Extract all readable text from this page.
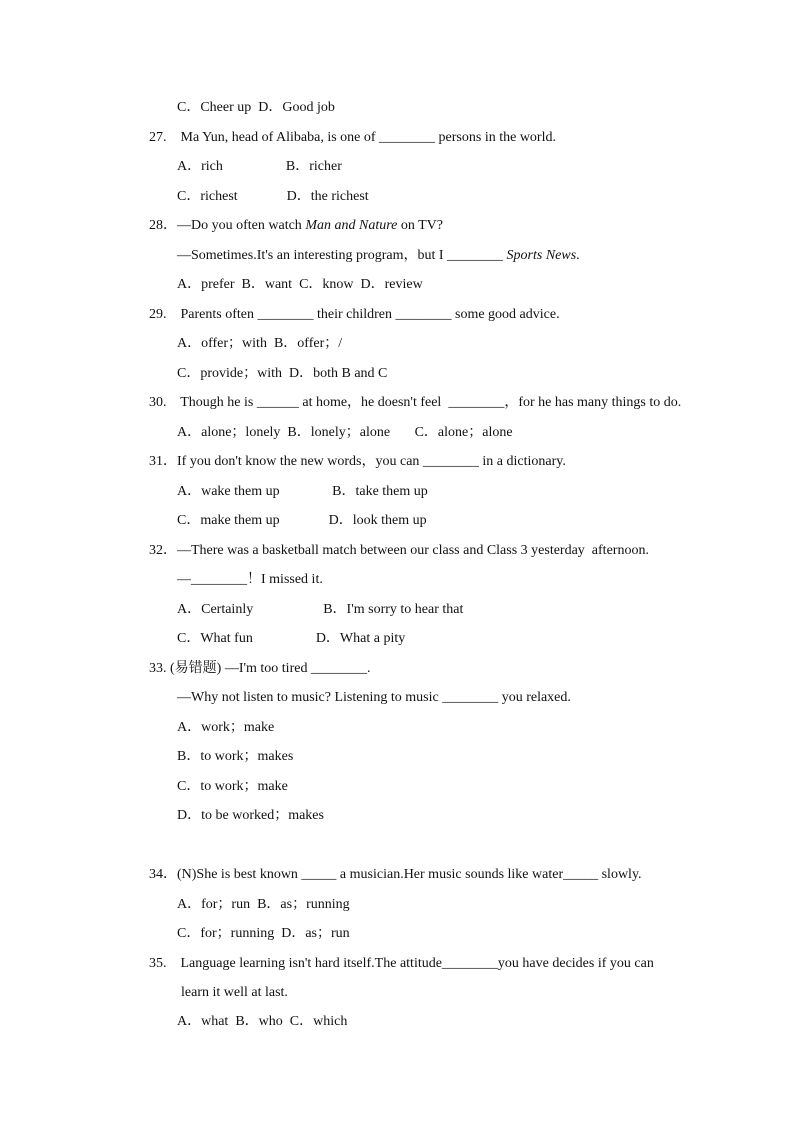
C．Cheer up  D．Good job
27.    Ma Yun, head of Alibaba, is one of ________ persons in the world.
A．rich                  B．richer
C．richest              D．the richest
28．—Do you often watch Man and Nature on TV?
—Sometimes.It's an interesting program，but I ________ Sports News.
A．prefer  B．want  C．know  D．review
29.    Parents often ________ their children ________ some good advice.
A．offer；with  B．offer；/
C．provide；with  D．both B and C
30.    Though he is ______ at home，he doesn't feel  ________，for he has many things to do.
A．alone；lonely  B．lonely；alone       C．alone；alone
31．If you don't know the new words，you can ________ in a dictionary.
A．wake them up               B．take them up
C．make them up              D．look them up
32．—There was a basketball match between our class and Class 3 yesterday  afternoon.
—________！I missed it.
A．Certainly                    B．I'm sorry to hear that
C．What fun                  D．What a pity
33. (易错题) —I'm too tired ________.
—Why not listen to music? Listening to music ________ you relaxed.
A．work；make
B．to work；makes
C．to work；make
D．to be worked；makes
34．(N)She is best known _____ a musician.Her music sounds like water_____ slowly.
A．for；run  B．as；running
C．for；running  D．as；run
35.    Language learning isn't hard itself.The attitude________you have decides if you can
learn it well at last.
A．what  B．who  C．which
